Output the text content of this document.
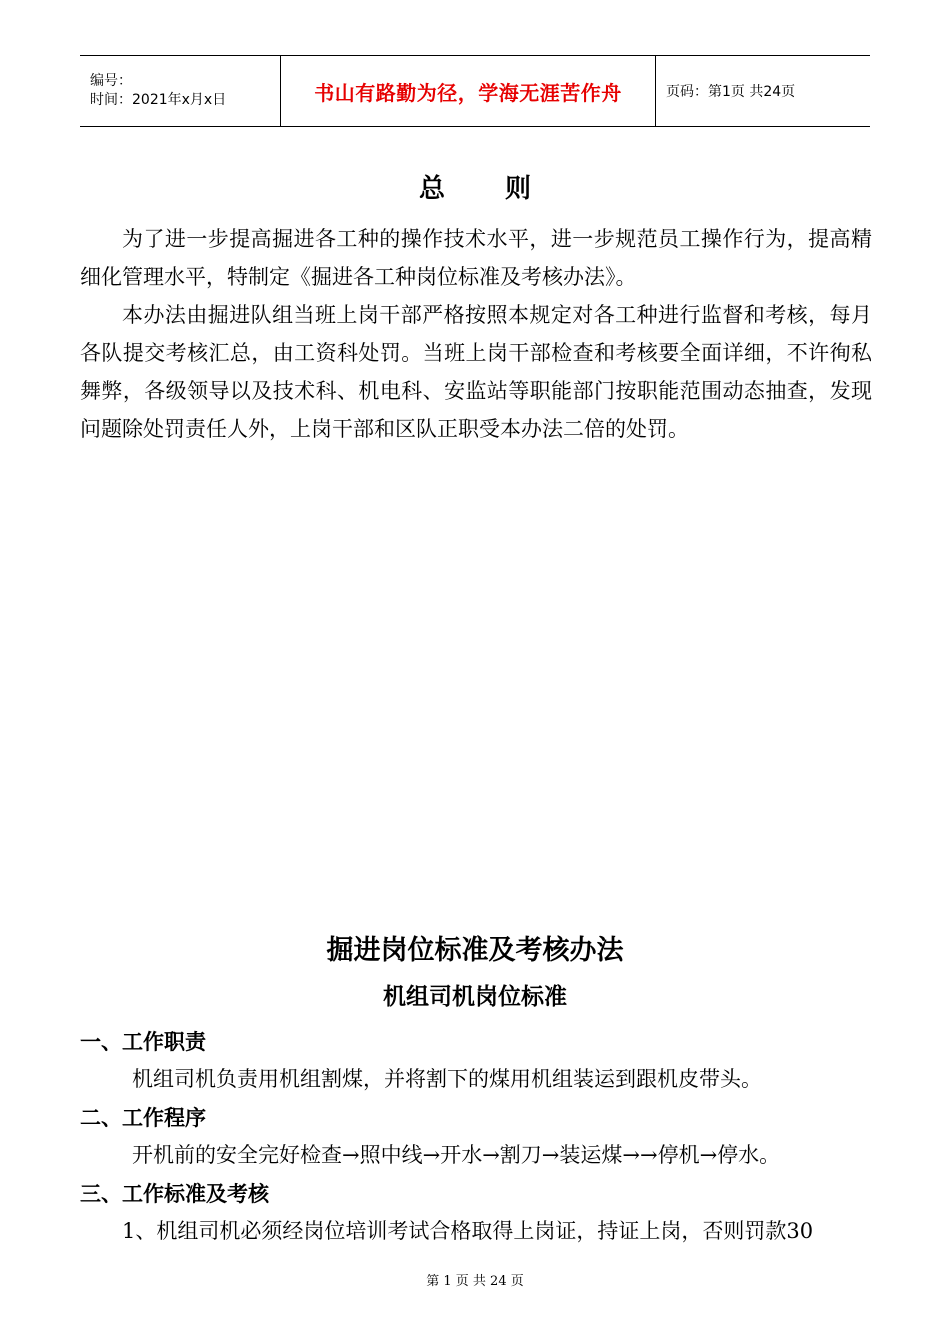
编号：
时间：2021年x月x日	书山有路勤为径，学海无涯苦作舟	页码：第1页 共24页
总则

为了进一步提高掘进各工种的操作技术水平，进一步规范员工操作行为，提高精细化管理水平，特制定《掘进各工种岗位标准及考核办法》。

本办法由掘进队组当班上岗干部严格按照本规定对各工种进行监督和考核，每月各队提交考核汇总，由工资科处罚。当班上岗干部检查和考核要全面详细，不许徇私舞弊，各级领导以及技术科、机电科、安监站等职能部门按职能范围动态抽查，发现问题除处罚责任人外，上岗干部和区队正职受本办法二倍的处罚。

掘进岗位标准及考核办法
机组司机岗位标准
一、工作职责
机组司机负责用机组割煤，并将割下的煤用机组装运到跟机皮带头。
二、工作程序
开机前的安全完好检查→照中线→开水→割刀→装运煤→→停机→停水。
三、工作标准及考核
1、机组司机必须经岗位培训考试合格取得上岗证，持证上岗，否则罚款30
第 1 页 共 24 页
